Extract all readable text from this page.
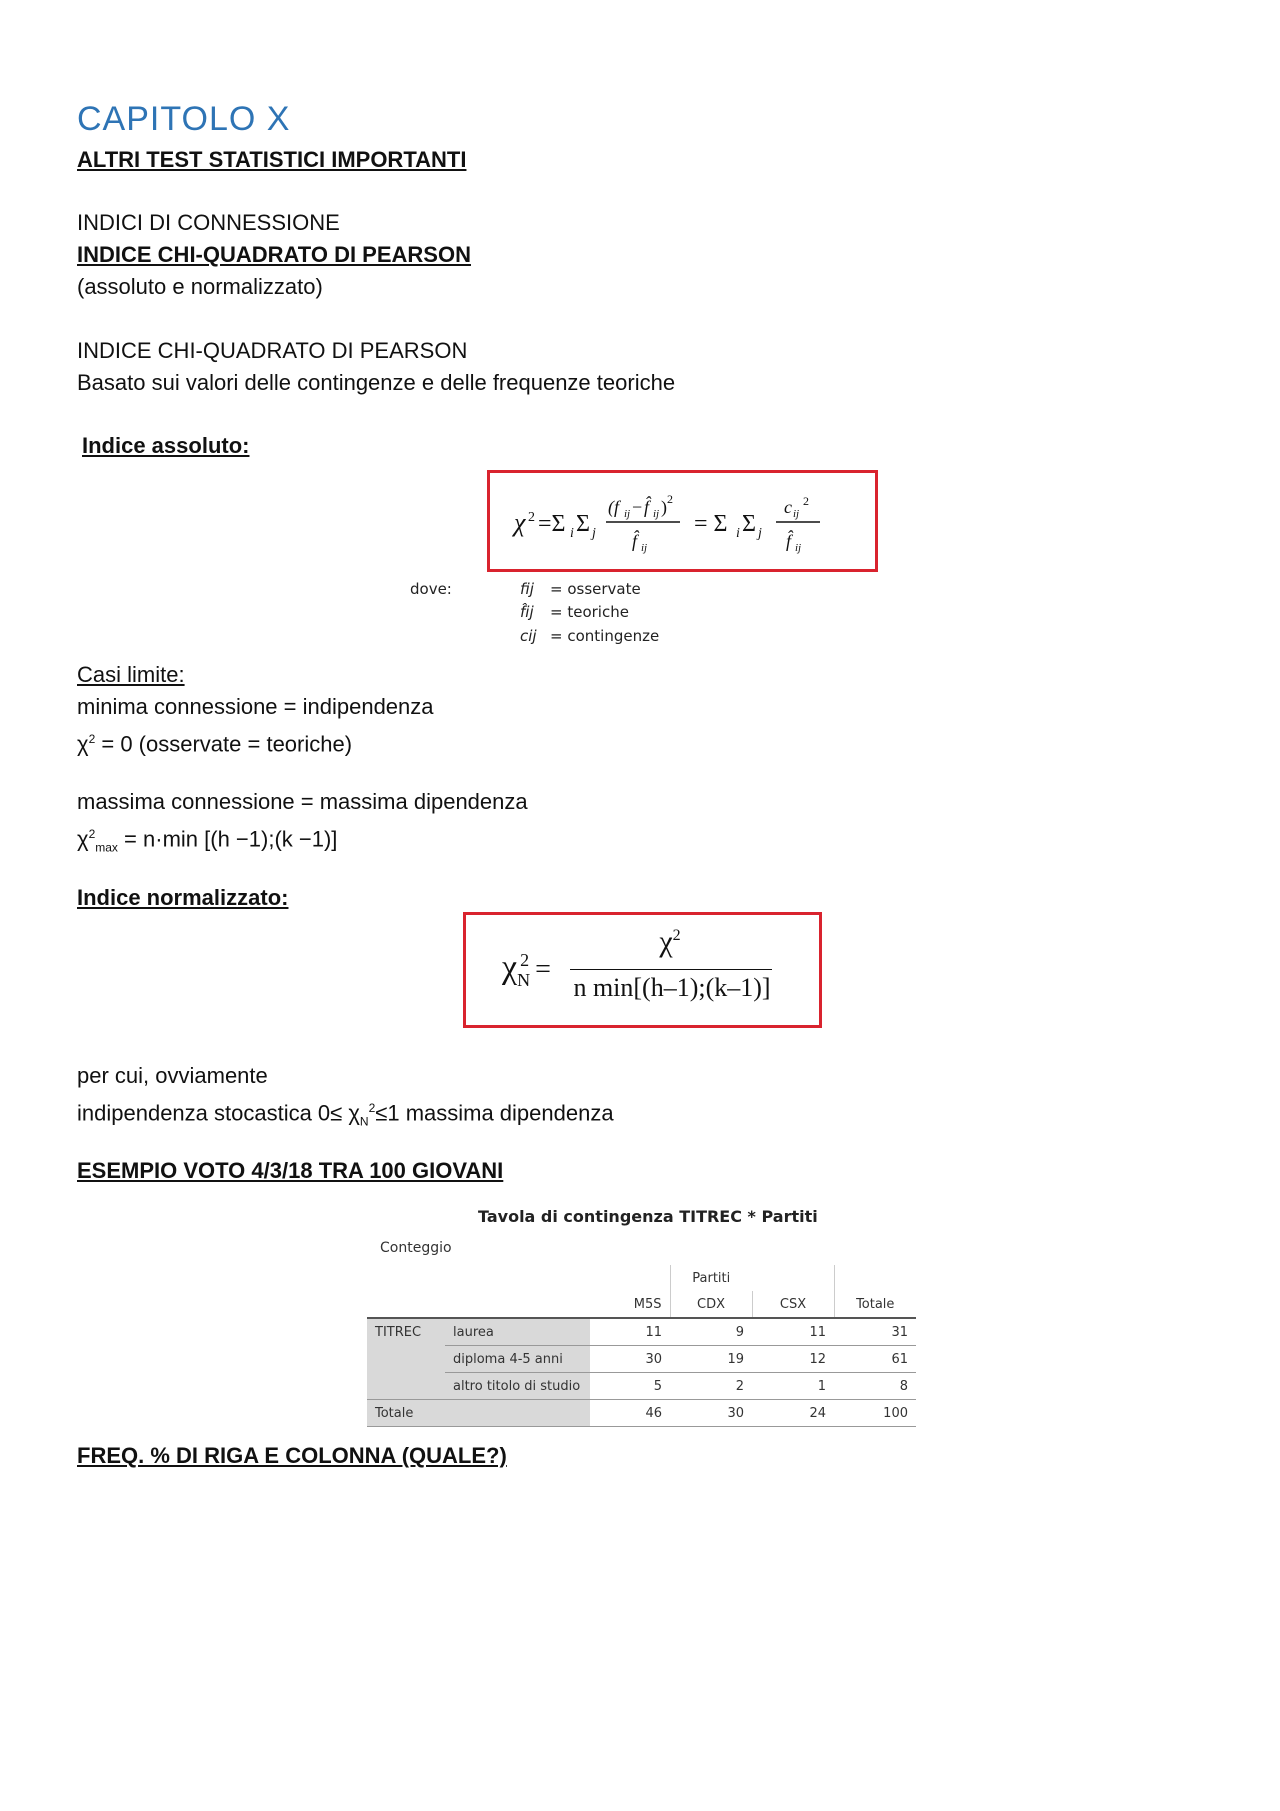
CAPITOLO X
ALTRI TEST STATISTICI IMPORTANTI
INDICI DI CONNESSIONE
INDICE CHI-QUADRATO DI PEARSON
(assoluto e normalizzato)
INDICE CHI-QUADRATO DI PEARSON
Basato sui valori delle contingenze e delle frequenze teoriche
Indice assoluto:
χ 2 =Σ i Σ j
(f ij − f̂ ij ) 2
f̂ ij
= Σ i Σ j
c ij
2
f̂ ij
dove:	fij = osservate
f̂ij = teoriche
cij = contingenze
Casi limite:
minima connessione = indipendenza
$\chi^2 = 0$ (osservate = teoriche)
massima connessione = massima dipendenza
$\chi^2_{max} = n\cdot\min$ [(h −1);(k −1)]
Indice normalizzato:
$\chi_N^2$ =
$\chi^2$
n min[(h–1);(k–1)]
per cui, ovviamente
indipendenza stocastica $0\le \chi_N^2\le 1$ massima dipendenza
ESEMPIO VOTO 4/3/18 TRA 100 GIOVANI
Tavola di contingenza TITREC * Partiti
Conteggio
			Partiti		
		M5S	CDX	CSX	Totale
TITREC	laurea	11	9	11	31
	diploma 4-5 anni	30	19	12	61
	altro titolo di studio	5	2	1	8
Totale		46	30	24	100
FREQ. % DI RIGA E COLONNA (QUALE?)
